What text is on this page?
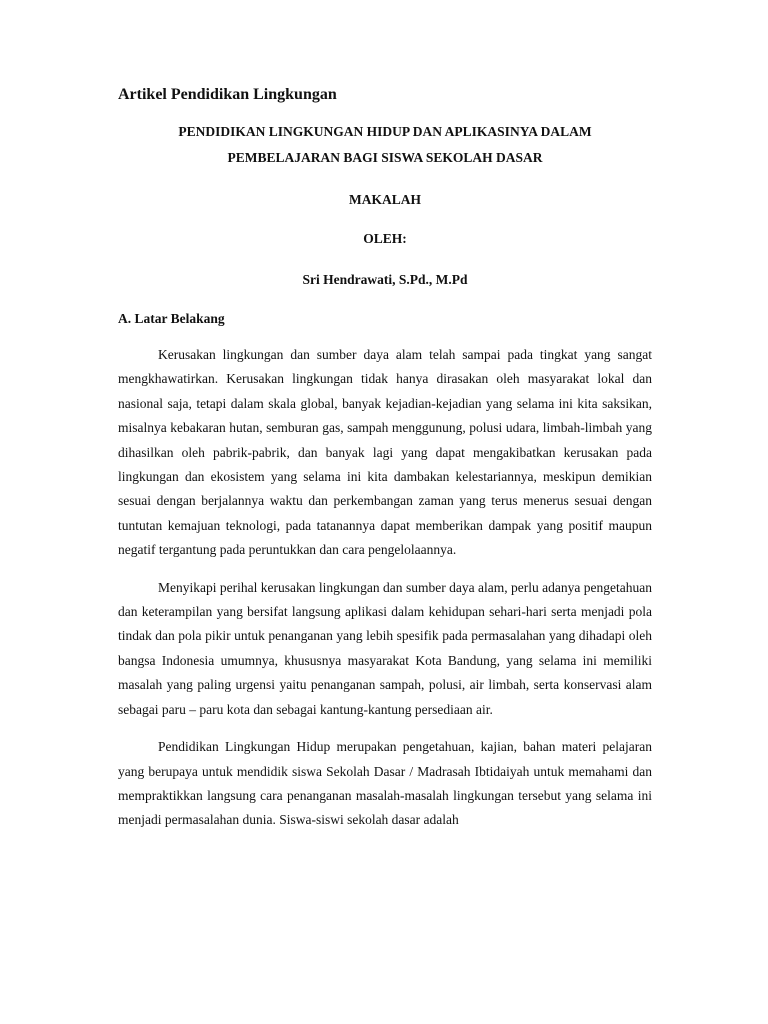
Artikel Pendidikan Lingkungan

PENDIDIKAN LINGKUNGAN HIDUP DAN APLIKASINYA DALAM

PEMBELAJARAN BAGI SISWA SEKOLAH DASAR

MAKALAH

OLEH:

Sri Hendrawati, S.Pd., M.Pd

A. Latar Belakang

Kerusakan lingkungan dan sumber daya alam telah sampai pada tingkat yang sangat mengkhawatirkan. Kerusakan lingkungan tidak hanya dirasakan oleh masyarakat lokal dan nasional saja, tetapi dalam skala global, banyak kejadian-kejadian yang selama ini kita saksikan, misalnya kebakaran hutan, semburan gas, sampah menggunung, polusi udara, limbah-limbah yang dihasilkan oleh pabrik-pabrik, dan banyak lagi yang dapat mengakibatkan kerusakan pada lingkungan dan ekosistem yang selama ini kita dambakan kelestariannya, meskipun demikian sesuai dengan berjalannya waktu dan perkembangan zaman yang terus menerus sesuai dengan tuntutan kemajuan teknologi, pada tatanannya dapat memberikan dampak yang positif maupun negatif tergantung pada peruntukkan dan cara pengelolaannya.

Menyikapi perihal kerusakan lingkungan dan sumber daya alam, perlu adanya pengetahuan dan keterampilan yang bersifat langsung aplikasi dalam kehidupan sehari-hari serta menjadi pola tindak dan pola pikir untuk penanganan yang lebih spesifik pada permasalahan yang dihadapi oleh bangsa Indonesia umumnya, khususnya masyarakat Kota Bandung, yang selama ini memiliki masalah yang paling urgensi yaitu penanganan sampah, polusi, air limbah, serta konservasi alam sebagai paru – paru kota dan sebagai kantung-kantung persediaan air.

Pendidikan Lingkungan Hidup merupakan pengetahuan, kajian, bahan materi pelajaran yang berupaya untuk mendidik siswa Sekolah Dasar / Madrasah Ibtidaiyah untuk memahami dan mempraktikkan langsung cara penanganan masalah-masalah lingkungan tersebut yang selama ini menjadi permasalahan dunia. Siswa-siswi sekolah dasar adalah
